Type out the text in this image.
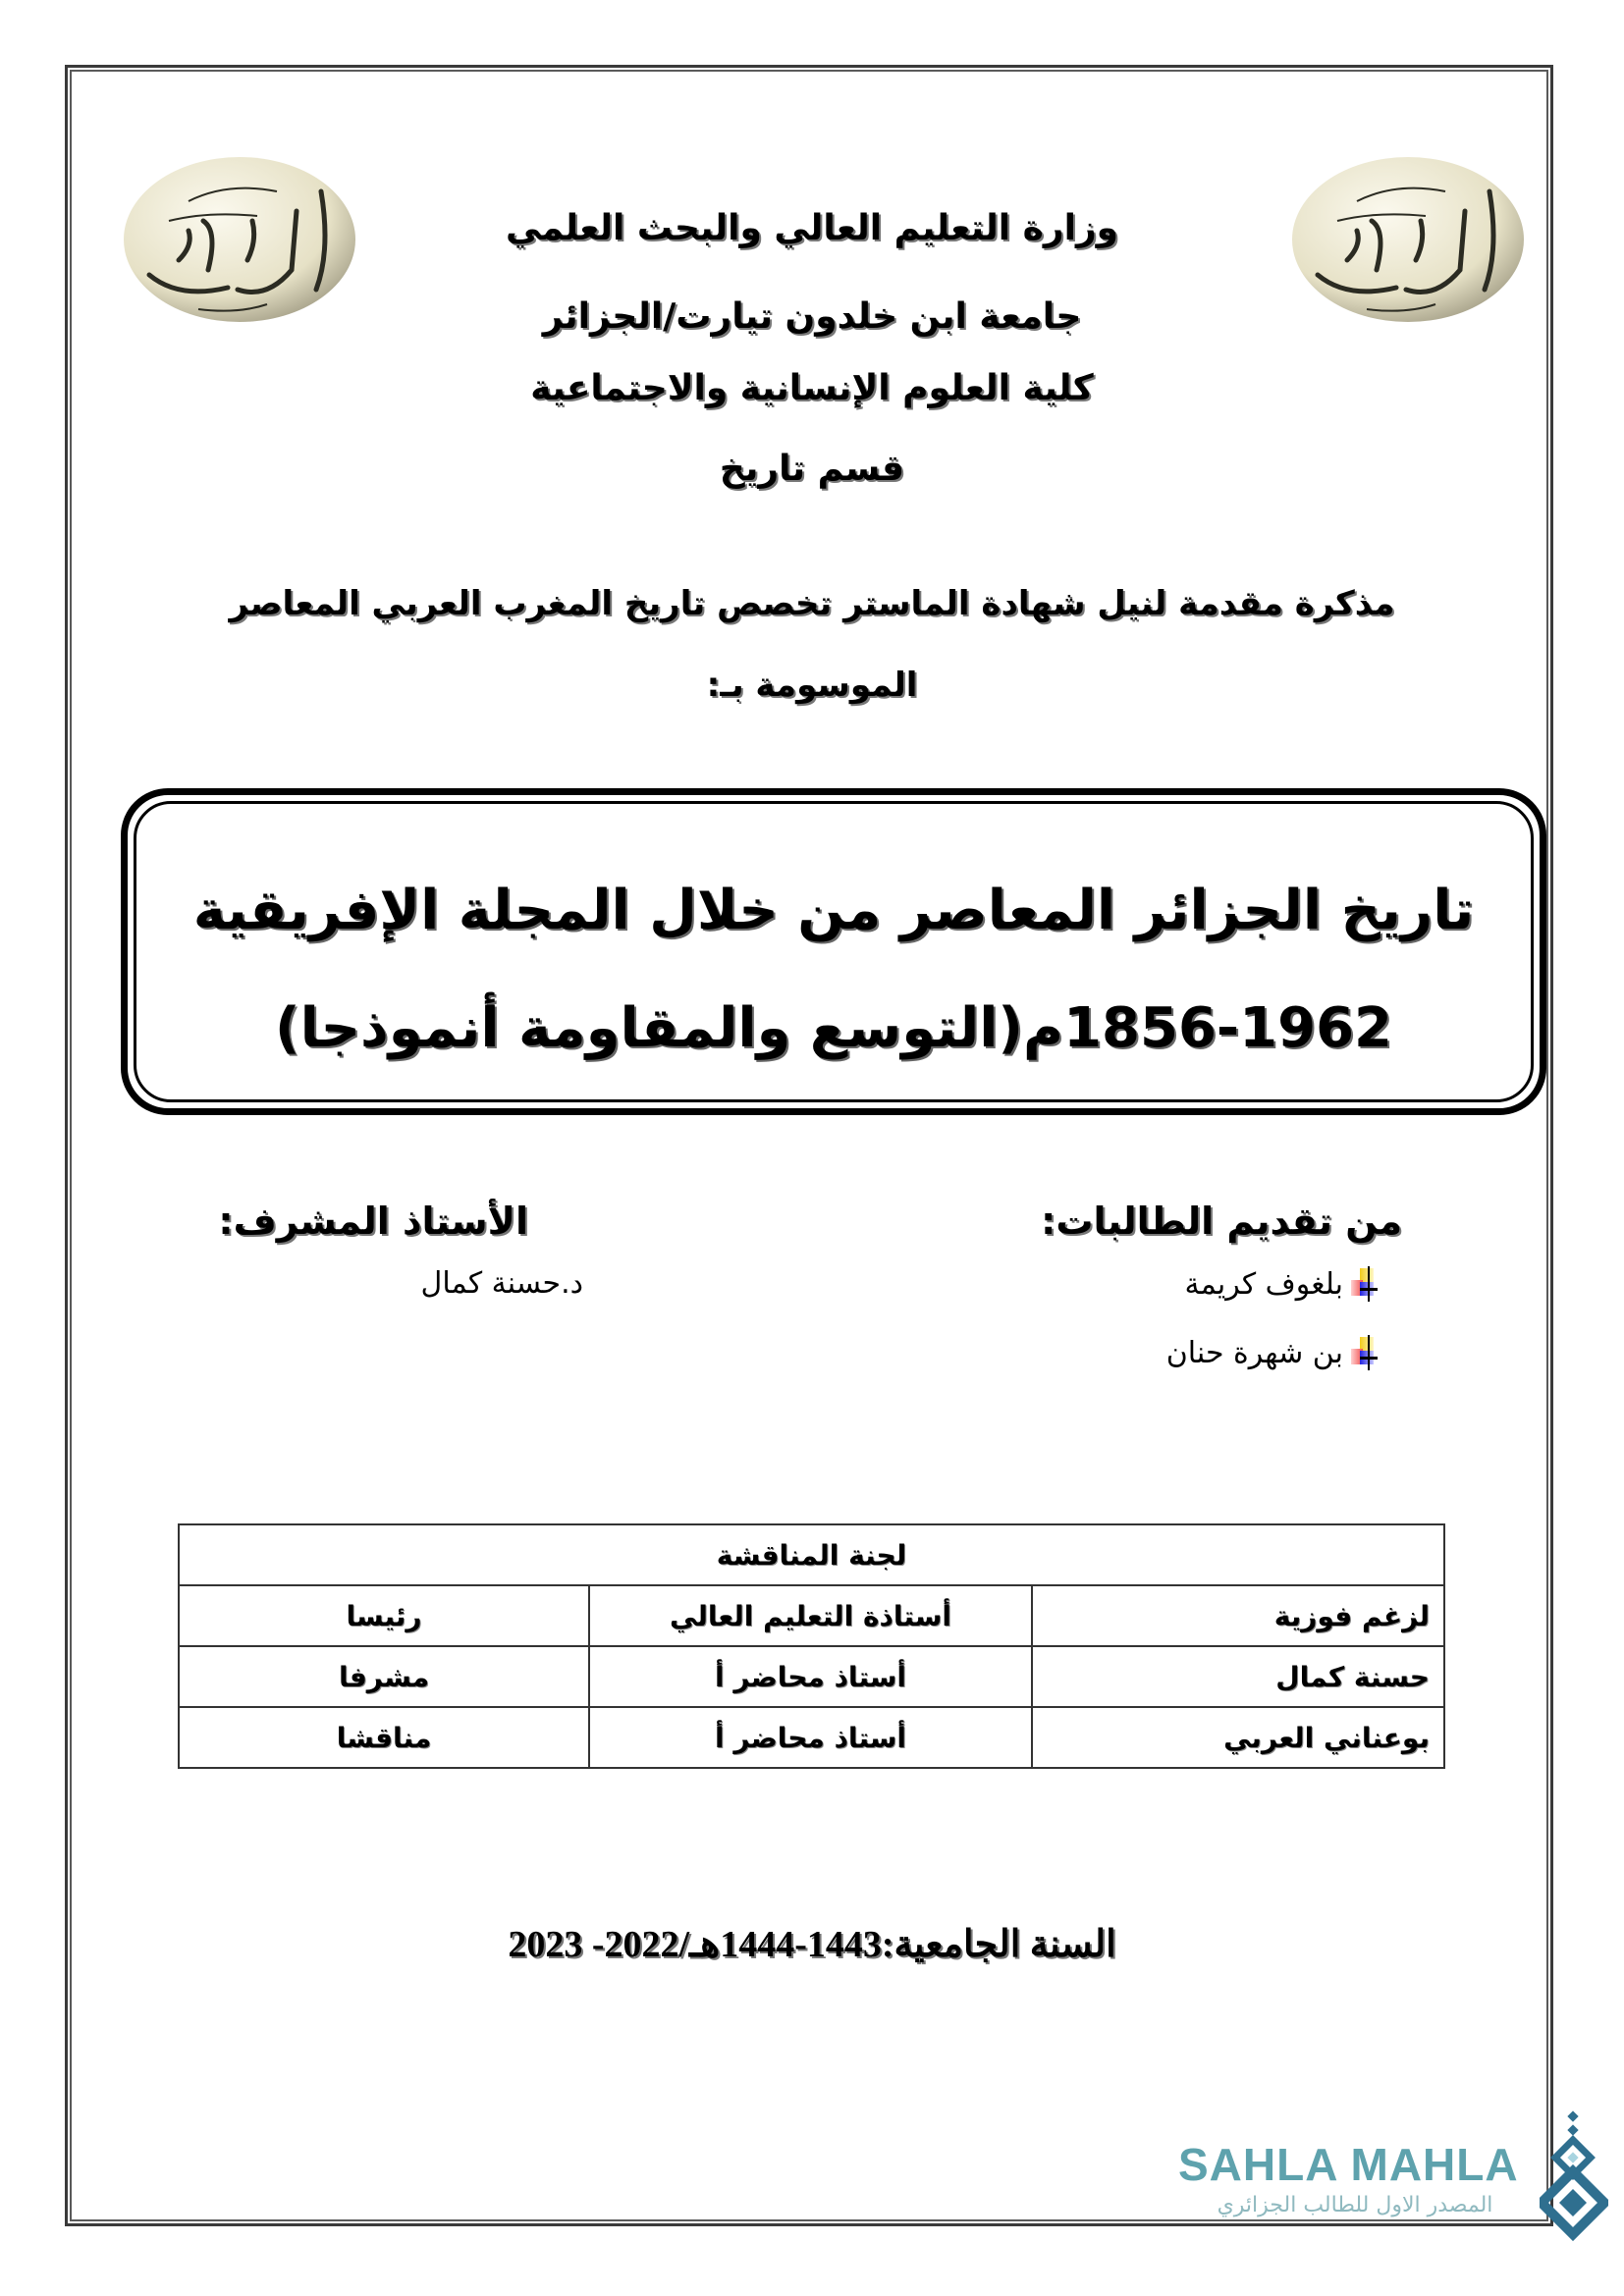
وزارة التعليم العالي والبحث العلمي
جامعة ابن خلدون تيارت/الجزائر
كلية العلوم الإنسانية والاجتماعية
قسم تاريخ
مذكرة مقدمة لنيل شهادة الماستر تخصص تاريخ المغرب العربي المعاصر
الموسومة بـ:
تاريخ الجزائر المعاصر من خلال المجلة الإفريقية
1856-1962م(التوسع والمقاومة أنموذجا)
من تقديم الطالبات:
الأستاذ المشرف:
بلغوف كريمة
بن شهرة حنان
د.حسنة كمال
لجنة المناقشة		
لزغم فوزية	أستاذة التعليم العالي	رئيسا
حسنة كمال	أستاذ محاضر أ	مشرفا
بوعناني العربي	أستاذ محاضر أ	مناقشا
السنة الجامعية:1443-1444هـ/2022- 2023
SAHLA MAHLA
المصدر الاول للطالب الجزائري
